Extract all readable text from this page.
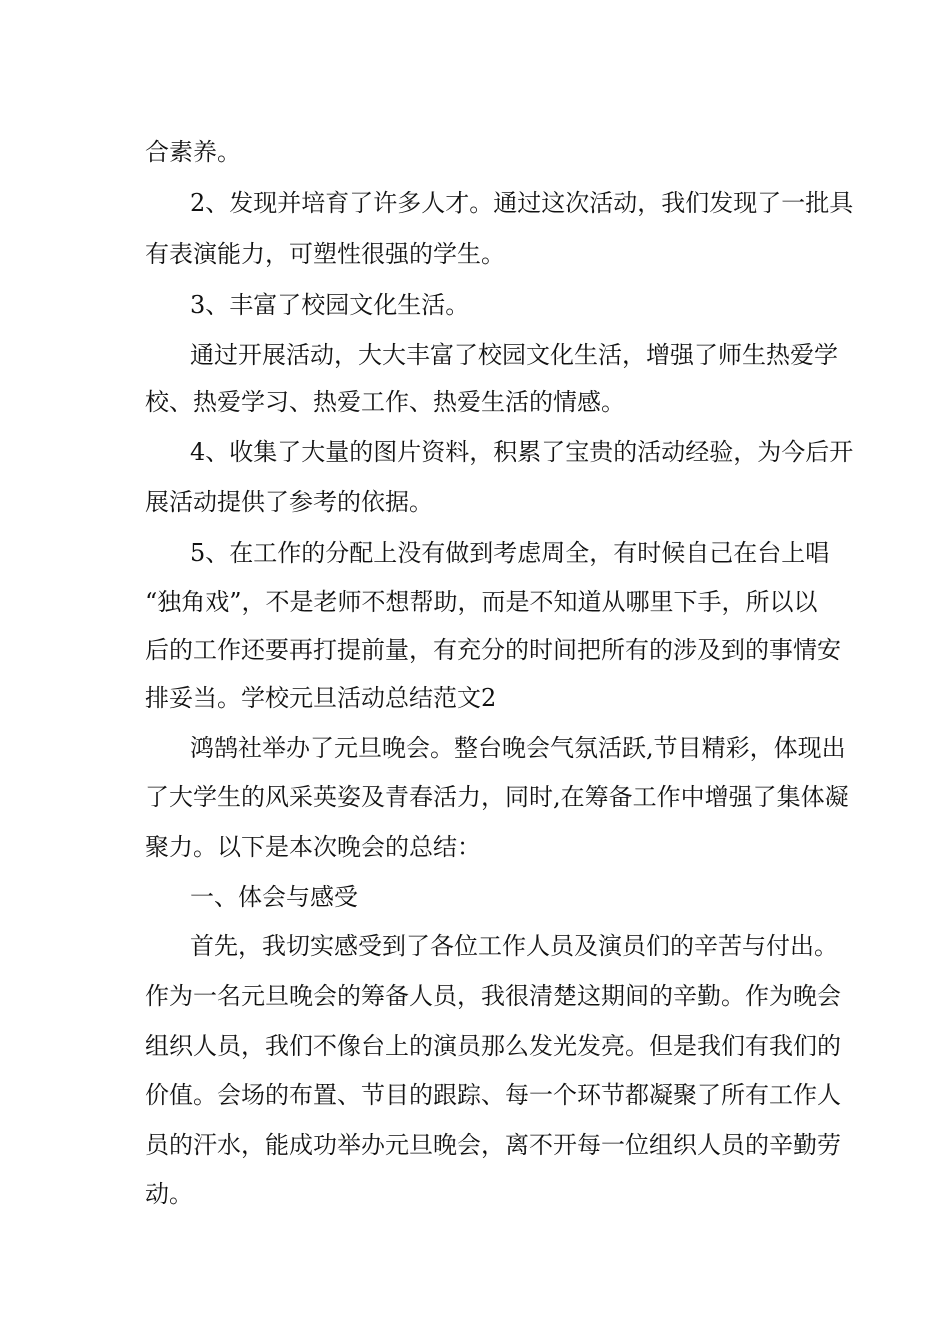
合素养。
2、发现并培育了许多人才。通过这次活动，我们发现了一批具
有表演能力，可塑性很强的学生。
3、丰富了校园文化生活。
通过开展活动，大大丰富了校园文化生活，增强了师生热爱学
校、热爱学习、热爱工作、热爱生活的情感。
4、收集了大量的图片资料，积累了宝贵的活动经验，为今后开
展活动提供了参考的依据。
5、在工作的分配上没有做到考虑周全，有时候自己在台上唱
“独角戏”，不是老师不想帮助，而是不知道从哪里下手，所以以
后的工作还要再打提前量，有充分的时间把所有的涉及到的事情安
排妥当。学校元旦活动总结范文2
鸿鹄社举办了元旦晚会。整台晚会气氛活跃,节目精彩，体现出
了大学生的风采英姿及青春活力，同时,在筹备工作中增强了集体凝
聚力。以下是本次晚会的总结：
一、体会与感受
首先，我切实感受到了各位工作人员及演员们的辛苦与付出。
作为一名元旦晚会的筹备人员，我很清楚这期间的辛勤。作为晚会
组织人员，我们不像台上的演员那么发光发亮。但是我们有我们的
价值。会场的布置、节目的跟踪、每一个环节都凝聚了所有工作人
员的汗水，能成功举办元旦晚会，离不开每一位组织人员的辛勤劳
动。
